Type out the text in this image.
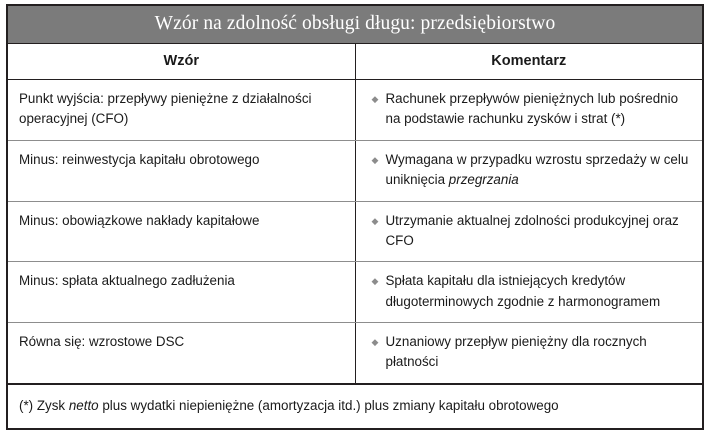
Wzór na zdolność obsługi długu: przedsiębiorstwo	
Wzór	Komentarz
Punkt wyjścia: przepływy pieniężne z działalności operacyjnej (CFO)	◆ Rachunek przepływów pieniężnych lub pośrednio na podstawie rachunku zysków i strat (*)

Minus: reinwestycja kapitału obrotowego	◆ Wymagana w przypadku wzrostu sprzedaży w celu uniknięcia przegrzania

Minus: obowiązkowe nakłady kapitałowe	◆ Utrzymanie aktualnej zdolności produkcyjnej oraz CFO

Minus: spłata aktualnego zadłużenia	◆ Spłata kapitału dla istniejących kredytów długoterminowych zgodnie z harmonogramem

Równa się: wzrostowe DSC	◆ Uznaniowy przepływ pieniężny dla rocznych płatności

(*) Zysk netto plus wydatki niepieniężne (amortyzacja itd.) plus zmiany kapitału obrotowego	
